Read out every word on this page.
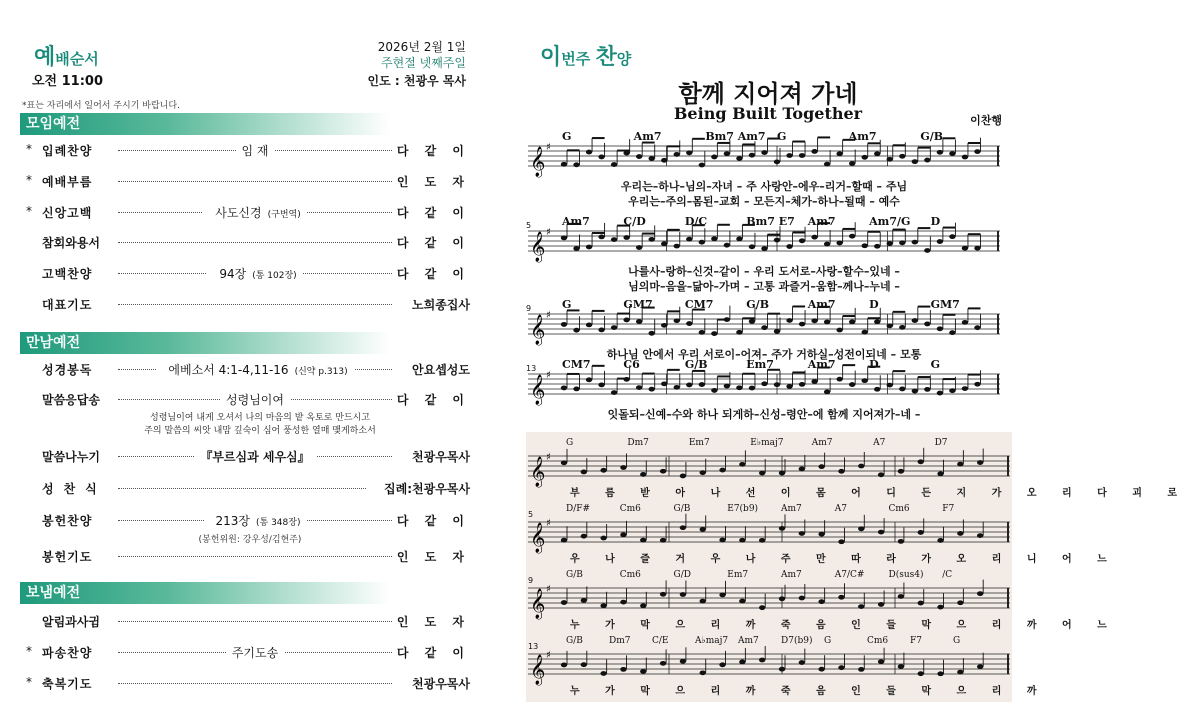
예배순서
오전 11:00
2026년 2월 1일
주현절 넷째주일
인도 : 천광우 목사
*표는 자리에서 일어서 주시기 바랍니다.
모임예전
* 입례찬양	임 재	다 같 이
* 예배부름	인 도 자
* 신앙고백	사도신경 (구번역)	다 같 이
참회와용서	다 같 이
고백찬양	94장 (통 102장)	다 같 이
대표기도	노희종집사
만남예전
성경봉독	에베소서 4:1-4,11-16 (신약 p.313)	안요셉성도
말씀응답송	성령님이여	다 같 이
성령님이여 내게 오셔서 나의 마음의 밭 옥토로 만드시고
주의 말씀의 씨앗 내맘 깊숙이 심어 풍성한 열매 맺게하소서
말씀나누기	『부르심과 세우심』	천광우목사
성찬식	집례:천광우목사
봉헌찬양	213장 (통 348장)	다 같 이
(봉헌위원: 강우성/김현주)
봉헌기도	인 도 자
보냄예전
알림과사귐	인 도 자
* 파송찬양	주기도송	다 같 이
* 축복기도	천광우목사
이번주 찬양
함께 지어져 가네
Being Built Together	이찬행
G	Am7	Bm7 Am7 G	Am7	G/B
𝄞 ♯
우리는–하나–님의–자녀 – 주 사랑안–에우–리거–할때 – 주님
우리는–주의–몸된–교회 – 모든지–체가–하나–될때 – 예수
Am7	C/D	D/C	Bm7 E7 Am7	Am7/G D
5
𝄞 ♯
나를사–랑하–신것–같이 – 우리 도서로–사랑–할수–있네 –
님의마–음을–닮아–가며 – 고통 과즐거–움함–께나–누네 –
G	GM7	CM7	G/B	Am7	D	GM7
9
𝄞 ♯
하나님 안에서 우리 서로이–어져– 주가 거하실–성전이되네 – 모통
CM7	C6	G/B	Em7	Am7	D	G
13
𝄞 ♯
잇돌되–신예–수와 하나 되게하–신성–령안–에 함께 지어져가–네 –
G	Dm7	Em7	E♭maj7	Am7	A7	D7
𝄞 ♯
부 름 받 아 나 선 이 몸 어 디 든 지 가 오 리 다 괴 로
D/F#	Cm6	G/B	E7(b9)	Am7	A7	Cm6	F7
5
𝄞 ♯
우 나 즐 거 우 나 주 만 따 라 가 오 리 니 어 느
G/B	Cm6	G/D	Em7	Am7	A7/C#	D(sus4) /C
9
𝄞 ♯
누 가 막 으 리 까 죽 음 인 들 막 으 리 까 어 느
G/B	Dm7 C/E	A♭maj7 Am7 D7(b9) G	Cm6 F7	G
13
𝄞 ♯
누 가 막 으 리 까 죽 음 인 들 막 으 리 까
